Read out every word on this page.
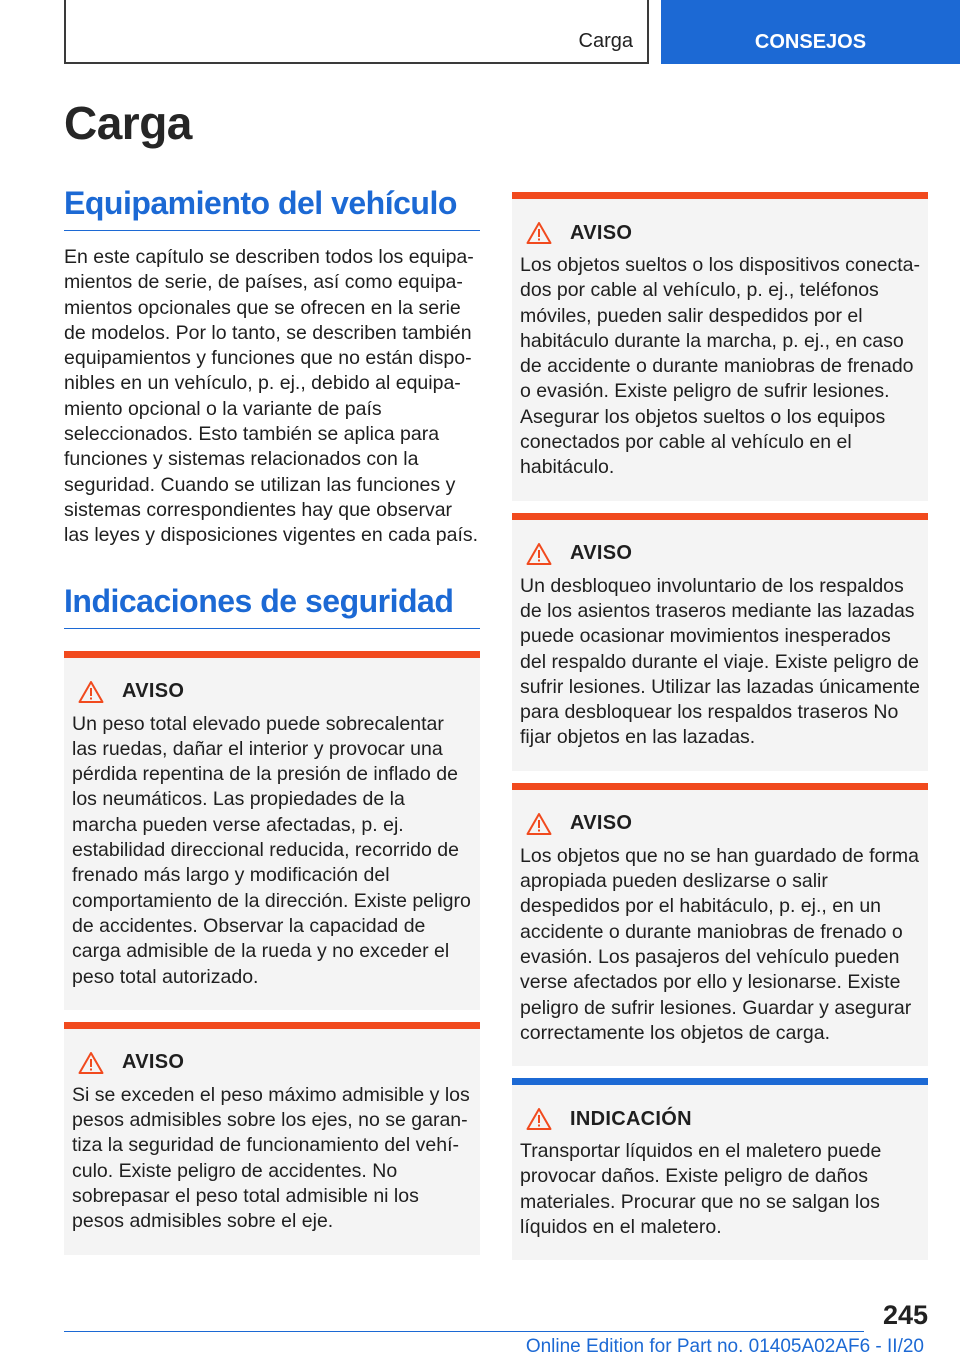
Carga	CONSEJOS
Carga
Equipamiento del vehículo

En este capítulo se describen todos los equipamientos de serie, de países, así como equipamientos opcionales que se ofrecen en la serie de modelos. Por lo tanto, se describen también equipamientos y funciones que no están disponibles en un vehículo, p. ej., debido al equipamiento opcional o la variante de país seleccionados. Esto también se aplica para funciones y sistemas relacionados con la seguridad. Cuando se utilizan las funciones y sistemas correspondientes hay que observar las leyes y disposiciones vigentes en cada país.

Indicaciones de seguridad
AVISO

Un peso total elevado puede sobrecalentar las ruedas, dañar el interior y provocar una pérdida repentina de la presión de inflado de los neumáticos. Las propiedades de la marcha pueden verse afectadas, p. ej. estabilidad direccional reducida, recorrido de frenado más largo y modificación del comportamiento de la dirección. Existe peligro de accidentes. Observar la capacidad de carga admisible de la rueda y no exceder el peso total autorizado.

AVISO

Si se exceden el peso máximo admisible y los pesos admisibles sobre los ejes, no se garantiza la seguridad de funcionamiento del vehículo. Existe peligro de accidentes. No sobrepasar el peso total admisible ni los pesos admisibles sobre el eje.

AVISO

Los objetos sueltos o los dispositivos conectados por cable al vehículo, p. ej., teléfonos móviles, pueden salir despedidos por el habitáculo durante la marcha, p. ej., en caso de accidente o durante maniobras de frenado o evasión. Existe peligro de sufrir lesiones. Asegurar los objetos sueltos o los equipos conectados por cable al vehículo en el habitáculo.

AVISO

Un desbloqueo involuntario de los respaldos de los asientos traseros mediante las lazadas puede ocasionar movimientos inesperados del respaldo durante el viaje. Existe peligro de sufrir lesiones. Utilizar las lazadas únicamente para desbloquear los respaldos traseros No fijar objetos en las lazadas.

AVISO

Los objetos que no se han guardado de forma apropiada pueden deslizarse o salir despedidos por el habitáculo, p. ej., en un accidente o durante maniobras de frenado o evasión. Los pasajeros del vehículo pueden verse afectados por ello y lesionarse. Existe peligro de sufrir lesiones. Guardar y asegurar correctamente los objetos de carga.

INDICACIÓN

Transportar líquidos en el maletero puede provocar daños. Existe peligro de daños materiales. Procurar que no se salgan los líquidos en el maletero.

245
Online Edition for Part no. 01405A02AF6 - II/20
